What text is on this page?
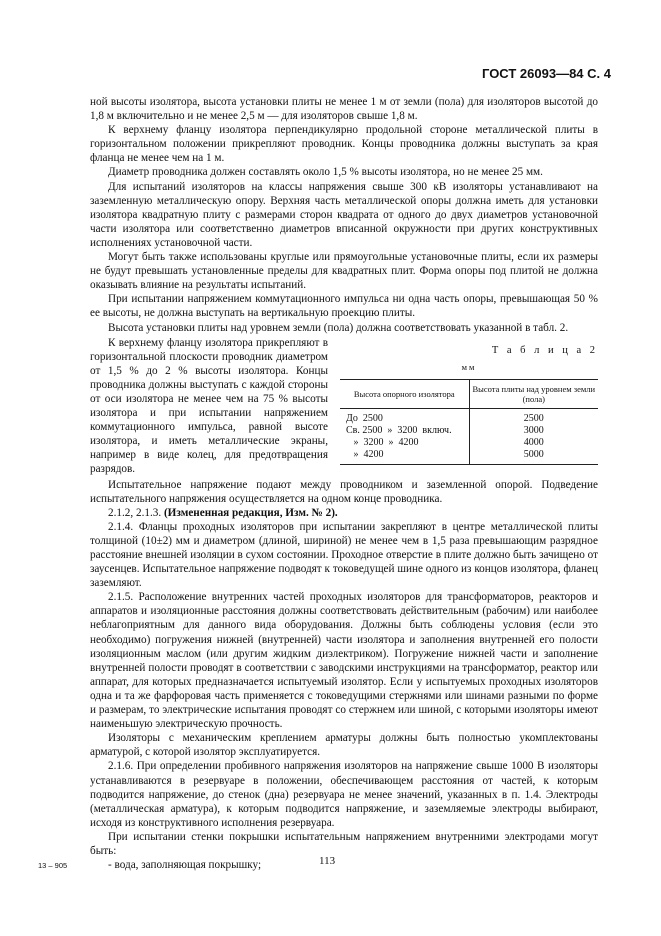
ГОСТ 26093—84 С. 4

ной высоты изолятора, высота установки плиты не менее 1 м от земли (пола) для изоляторов высотой до 1,8 м включительно и не менее 2,5 м — для изоляторов свыше 1,8 м.

К верхнему фланцу изолятора перпендикулярно продольной стороне металлической плиты в горизонтальном положении прикрепляют проводник. Концы проводника должны выступать за края фланца не менее чем на 1 м.

Диаметр проводника должен составлять около 1,5 % высоты изолятора, но не менее 25 мм.

Для испытаний изоляторов на классы напряжения свыше 300 кВ изоляторы устанавливают на заземленную металлическую опору. Верхняя часть металлической опоры должна иметь для установки изолятора квадратную плиту с размерами сторон квадрата от одного до двух диаметров установочной части изолятора или соответственно диаметров вписанной окружности при других конструктивных исполнениях установочной части.

Могут быть также использованы круглые или прямоугольные установочные плиты, если их размеры не будут превышать установленные пределы для квадратных плит. Форма опоры под плитой не должна оказывать влияние на результаты испытаний.

При испытании напряжением коммутационного импульса ни одна часть опоры, превышающая 50 % ее высоты, не должна выступать на вертикальную проекцию плиты.

Высота установки плиты над уровнем земли (пола) должна соответствовать указанной в табл. 2.

Т а б л и ц а 2
мм
Высота опорного изолятора	Высота плиты над уровнем земли (пола)
До  2500	2500
Св. 2500  »  3200  включ.	3000
»  3200  »  4200	4000
»  4200	5000

К верхнему фланцу изолятора прикрепляют в горизонтальной плоскости проводник диаметром от 1,5 % до 2 % высоты изолятора. Концы проводника должны выступать с каждой стороны от оси изолятора не менее чем на 75 % высоты изолятора и при испытании напряжением коммутационного импульса, равной высоте изолятора, и иметь металлические экраны, например в виде колец, для предотвращения разрядов.

Испытательное напряжение подают между проводником и заземленной опорой. Подведение испытательного напряжения осуществляется на одном конце проводника.

2.1.2, 2.1.3. (Измененная редакция, Изм. № 2).

2.1.4. Фланцы проходных изоляторов при испытании закрепляют в центре металлической плиты толщиной (10±2) мм и диаметром (длиной, шириной) не менее чем в 1,5 раза превышающим разрядное расстояние внешней изоляции в сухом состоянии. Проходное отверстие в плите должно быть зачищено от заусенцев. Испытательное напряжение подводят к токоведущей шине одного из концов изолятора, фланец заземляют.

2.1.5. Расположение внутренних частей проходных изоляторов для трансформаторов, реакторов и аппаратов и изоляционные расстояния должны соответствовать действительным (рабочим) или наиболее неблагоприятным для данного вида оборудования. Должны быть соблюдены условия (если это необходимо) погружения нижней (внутренней) части изолятора и заполнения внутренней его полости изоляционным маслом (или другим жидким диэлектриком). Погружение нижней части и заполнение внутренней полости проводят в соответствии с заводскими инструкциями на трансформатор, реактор или аппарат, для которых предназначается испытуемый изолятор. Если у испытуемых проходных изоляторов одна и та же фарфоровая часть применяется с токоведущими стержнями или шинами разными по форме и размерам, то электрические испытания проводят со стержнем или шиной, с которыми изоляторы имеют наименьшую электрическую прочность.

Изоляторы с механическим креплением арматуры должны быть полностью укомплектованы арматурой, с которой изолятор эксплуатируется.

2.1.6. При определении пробивного напряжения изоляторов на напряжение свыше 1000 В изоляторы устанавливаются в резервуаре в положении, обеспечивающем расстояния от частей, к которым подводится напряжение, до стенок (дна) резервуара не менее значений, указанных в п. 1.4. Электроды (металлическая арматура), к которым подводится напряжение, и заземляемые электроды выбирают, исходя из конструктивного исполнения резервуара.

При испытании стенки покрышки испытательным напряжением внутренними электродами могут быть:

- вода, заполняющая покрышку;

13 – 905	113
